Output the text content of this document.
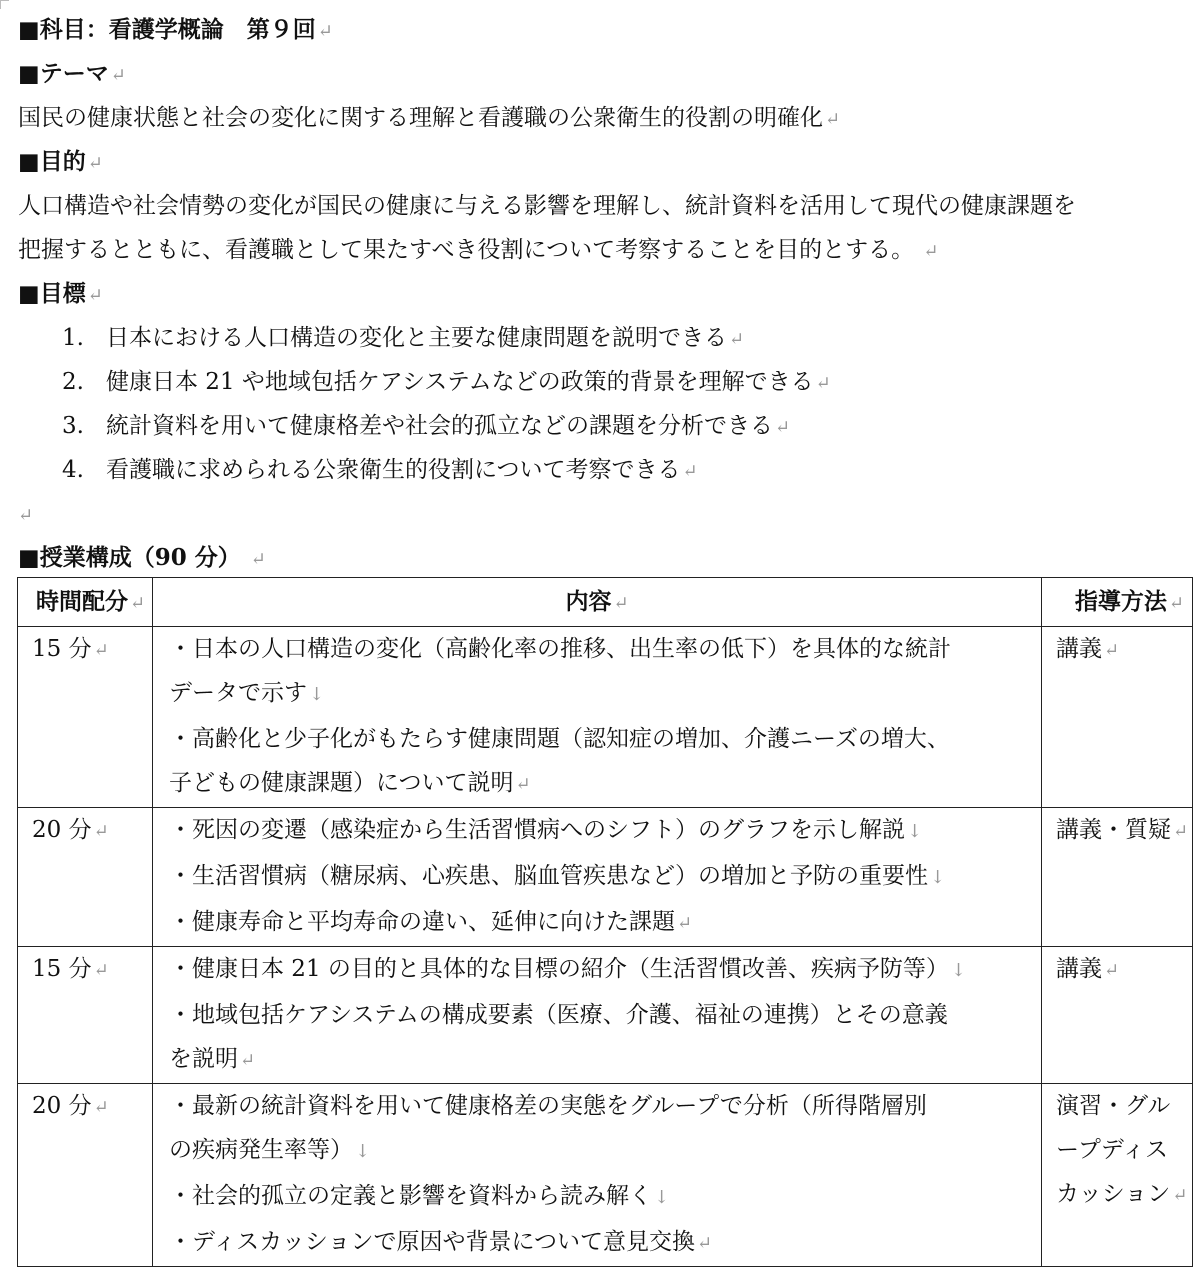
■科目：看護学概論　第９回 ↵
■テーマ ↵
国民の健康状態と社会の変化に関する理解と看護職の公衆衛生的役割の明確化 ↵
■目的 ↵
人口構造や社会情勢の変化が国民の健康に与える影響を理解し、統計資料を活用して現代の健康課題を
把握するとともに、看護職として果たすべき役割について考察することを目的とする。 ↵
■目標 ↵
1. 日本における人口構造の変化と主要な健康問題を説明できる ↵
2. 健康日本 21 や地域包括ケアシステムなどの政策的背景を理解できる ↵
3. 統計資料を用いて健康格差や社会的孤立などの課題を分析できる ↵
4. 看護職に求められる公衆衛生的役割について考察できる ↵
↵
■授業構成（90 分） ↵
時間配分 ↵	内容 ↵	指導方法 ↵
15 分 ↵	・日本の人口構造の変化（高齢化率の推移、出生率の低下）を具体的な統計
データで示す ↓
・高齢化と少子化がもたらす健康問題（認知症の増加、介護ニーズの増大、
子どもの健康課題）について説明 ↵	講義 ↵
20 分 ↵	・死因の変遷（感染症から生活習慣病へのシフト）のグラフを示し解説 ↓
・生活習慣病（糖尿病、心疾患、脳血管疾患など）の増加と予防の重要性 ↓
・健康寿命と平均寿命の違い、延伸に向けた課題 ↵	講義・質疑 ↵
15 分 ↵	・健康日本 21 の目的と具体的な目標の紹介（生活習慣改善、疾病予防等） ↓
・地域包括ケアシステムの構成要素（医療、介護、福祉の連携）とその意義
を説明 ↵	講義 ↵
20 分 ↵	・最新の統計資料を用いて健康格差の実態をグループで分析（所得階層別
の疾病発生率等） ↓
・社会的孤立の定義と影響を資料から読み解く ↓
・ディスカッションで原因や背景について意見交換 ↵	演習・グル
ープディス
カッション ↵
